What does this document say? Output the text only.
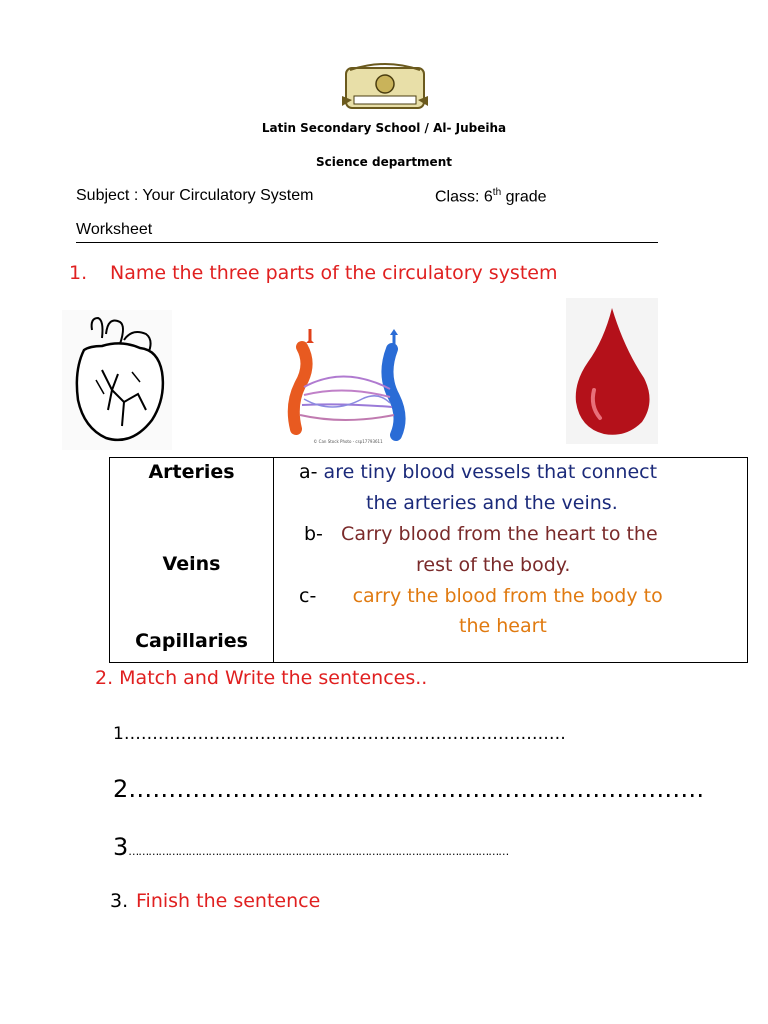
Latin Secondary School / Al- Jubeiha
Science department
Subject : Your Circulatory System	Class: 6th grade
Worksheet
1. Name the three parts of the circulatory system
© Can Stock Photo - csp17793611
Arteries
Veins
Capillaries
a- are tiny blood vessels that connect
the arteries and the veins.
b- Carry blood from the heart to the
rest of the body.
c- carry the blood from the body to
the heart
2. Match and Write the sentences..
1……………………………………………………………………
2………………………………………………………………
3……………………………………………………………………………………………………
3. Finish the sentence
